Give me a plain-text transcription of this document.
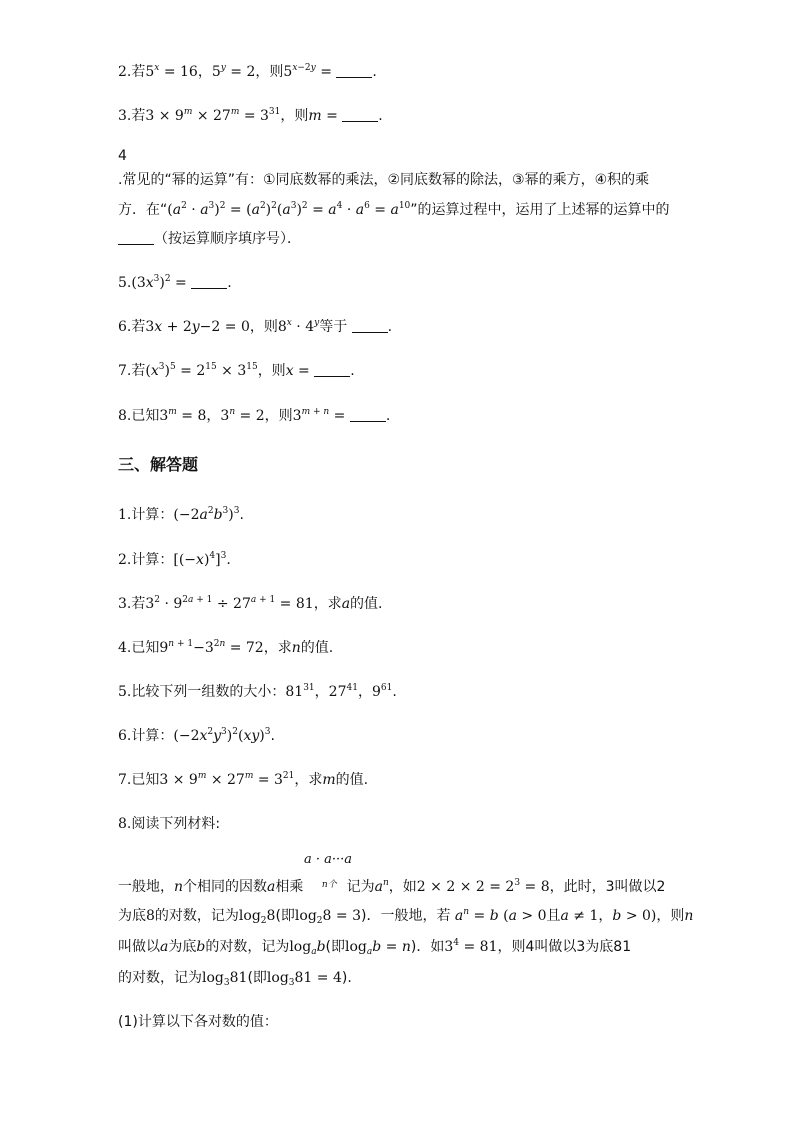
2.若$5^x = 16$，$5^y = 2$，则$5^{x-2y}$ =	.
3.若$3 \times 9^m \times 27^m = 3^{31}$，则m =	.
4
.常见的“幂的运算”有：①同底数幂的乘法，②同底数幂的除法，③幂的乘方，④积的乘
方．在“$(a^2 \cdot a^3)^2 = (a^2)^2(a^3)^2 = a^4 \cdot a^6 = a^{10}$”的运算过程中，运用了上述幂的运算中的
（按运算顺序填序号）．
$5.(3x^3)^2$ =	.
6.若3x + 2y−2 = 0，则$8^x \cdot 4^y$等于	.
7.若$(x^3)^5 = 2^{15} \times 3^{15}$，则x =	.
8.已知$3^m = 8$，$3^n = 2$，则$3^{m + n}$ =	.
三、解答题
1.计算：$(-2a^2b^3)^3$.
2.计算：$[(-x)^4]^3$.
3.若$3^2 \cdot 9^{2a + 1} \div 27^{a + 1} = 81$，求a的值.
4.已知$9^{n + 1}-3^{2n} = 72$，求n的值.
5.比较下列一组数的大小：$81^{31}$，$27^{41}$，$9^{61}$.
6.计算：$(-2x^2y^3)^2(xy)^3$.
7.已知$3 \times 9^m \times 27^m = 3^{21}$，求m的值.
8.阅读下列材料:
a · a···a
一般地，n个相同的因数a相乘 $^{n个}$ 记为$a^n$，如$2 \times 2 \times 2 = 2^3 = 8$，此时，3叫做以2
为底8的对数，记为$\log_28$(即$\log_28 = 3$)．一般地，若 $a^n = b$ (a > 0且a ≠ 1，b > 0)，则n
叫做以a为底b的对数，记为$\log_ab$(即$\log_ab = n$)．如$3^4 = 81$，则4叫做以3为底81
的对数，记为$\log_381$(即$\log_381 = 4$).
(1)计算以下各对数的值：
